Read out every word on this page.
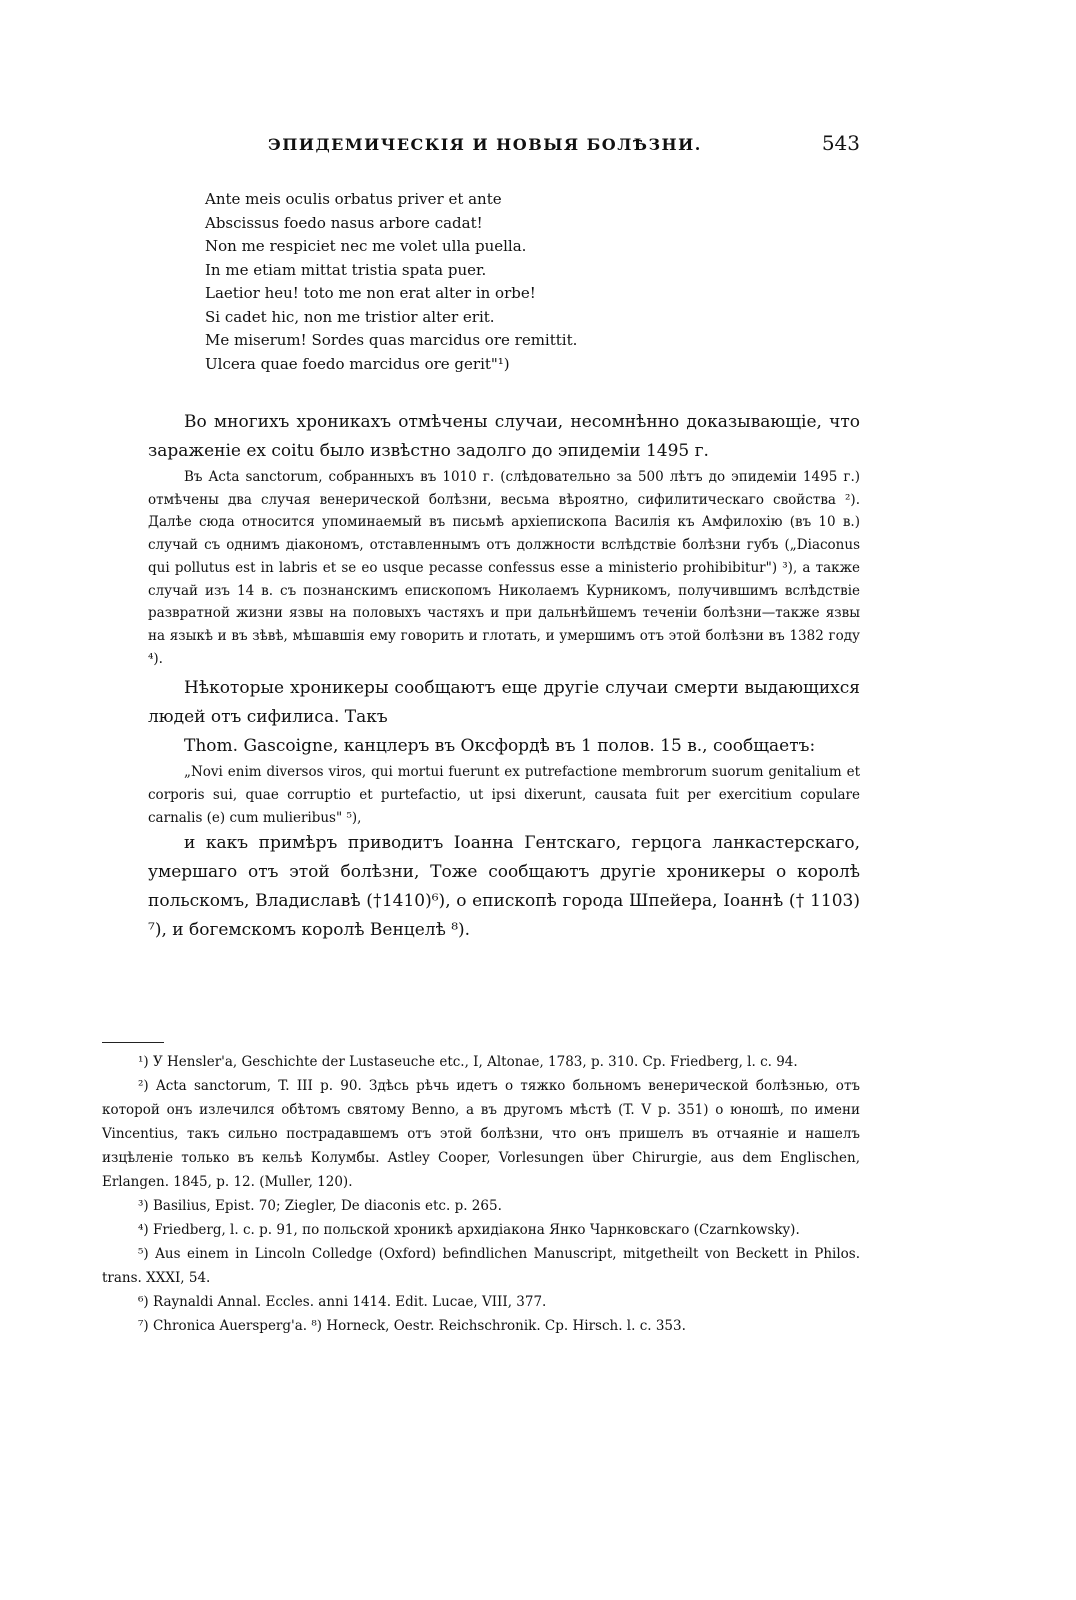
ЭПИДЕМИЧЕСКІЯ И НОВЫЯ БОЛѢЗНИ.	543
Ante meis oculis orbatus priver et ante
Abscissus foedo nasus arbore cadat!
Non me respiciet nec me volet ulla puella.
In me etiam mittat tristia spata puer.
Laetior heu! toto me non erat alter in orbe!
Si cadet hic, non me tristior alter erit.
Me miserum! Sordes quas marcidus ore remittit.
Ulcera quae foedo marcidus ore gerit"¹)

Во многихъ хроникахъ отмѣчены случаи, несомнѣнно доказывающіе, что зараженіе ex coitu было извѣстно задолго до эпидеміи 1495 г.

Въ Acta sanctorum, собранныхъ въ 1010 г. (слѣдовательно за 500 лѣтъ до эпидеміи 1495 г.) отмѣчены два случая венерической болѣзни, весьма вѣроятно, сифилитическаго свойства ²). Далѣе сюда относится упоминаемый въ письмѣ архіепископа Василія къ Амфилохію (въ 10 в.) случай съ однимъ діакономъ, отставленнымъ отъ должности вслѣдствіе болѣзни губъ („Diaconus qui pollutus est in labris et se eo usque pecasse confessus esse a ministerio prohibibitur") ³), а также случай изъ 14 в. съ познанскимъ епископомъ Николаемъ Курникомъ, получившимъ вслѣдствіе развратной жизни язвы на половыхъ частяхъ и при дальнѣйшемъ теченіи болѣзни—также язвы на языкѣ и въ зѣвѣ, мѣшавшія ему говорить и глотать, и умершимъ отъ этой болѣзни въ 1382 году ⁴).

Нѣкоторые хроникеры сообщаютъ еще другіе случаи смерти выдающихся людей отъ сифилиса. Такъ

Thom. Gascoigne, канцлеръ въ Оксфордѣ въ 1 полов. 15 в., сообщаетъ:

„Novi enim diversos viros, qui mortui fuerunt ex putrefactione membrorum suorum genitalium et corporis sui, quae corruptio et purtefactio, ut ipsi dixerunt, causata fuit per exercitium copulare carnalis (e) cum mulieribus" ⁵),

и какъ примѣръ приводитъ Іоанна Гентскаго, герцога ланкастерскаго, умершаго отъ этой болѣзни, Тоже сообщаютъ другіе хроникеры о королѣ польскомъ, Владиславѣ (†1410)⁶), о епископѣ города Шпейера, Іоаннѣ († 1103) ⁷), и богемскомъ королѣ Венцелѣ ⁸).

¹) У Hensler'a, Geschichte der Lustaseuche etc., I, Altonae, 1783, p. 310. Cp. Friedberg, l. c. 94.
²) Acta sanctorum, T. III p. 90. Здѣсь рѣчь идетъ о тяжко больномъ венерической болѣзнью, отъ которой онъ излечился обѣтомъ святому Benno, а въ другомъ мѣстѣ (T. V p. 351) о юношѣ, по имени Vincentius, такъ сильно пострадавшемъ отъ этой болѣзни, что онъ пришелъ въ отчаяніе и нашелъ изцѣленіе только въ кельѣ Колумбы. Astley Cooper, Vorlesungen über Chirurgie, aus dem Englischen, Erlangen. 1845, p. 12. (Muller, 120).
³) Basilius, Epist. 70; Ziegler, De diaconis etc. p. 265.
⁴) Friedberg, l. c. p. 91, по польской хроникѣ архидіакона Янко Чарнковскаго (Czarnkowsky).
⁵) Aus einem in Lincoln Colledge (Oxford) befindlichen Manuscript, mitgetheilt von Beckett in Philos. trans. XXXI, 54.
⁶) Raynaldi Annal. Eccles. anni 1414. Edit. Lucae, VIII, 377.
⁷) Chronica Auersperg'a. ⁸) Horneck, Oestr. Reichschronik. Cp. Hirsch. l. c. 353.
